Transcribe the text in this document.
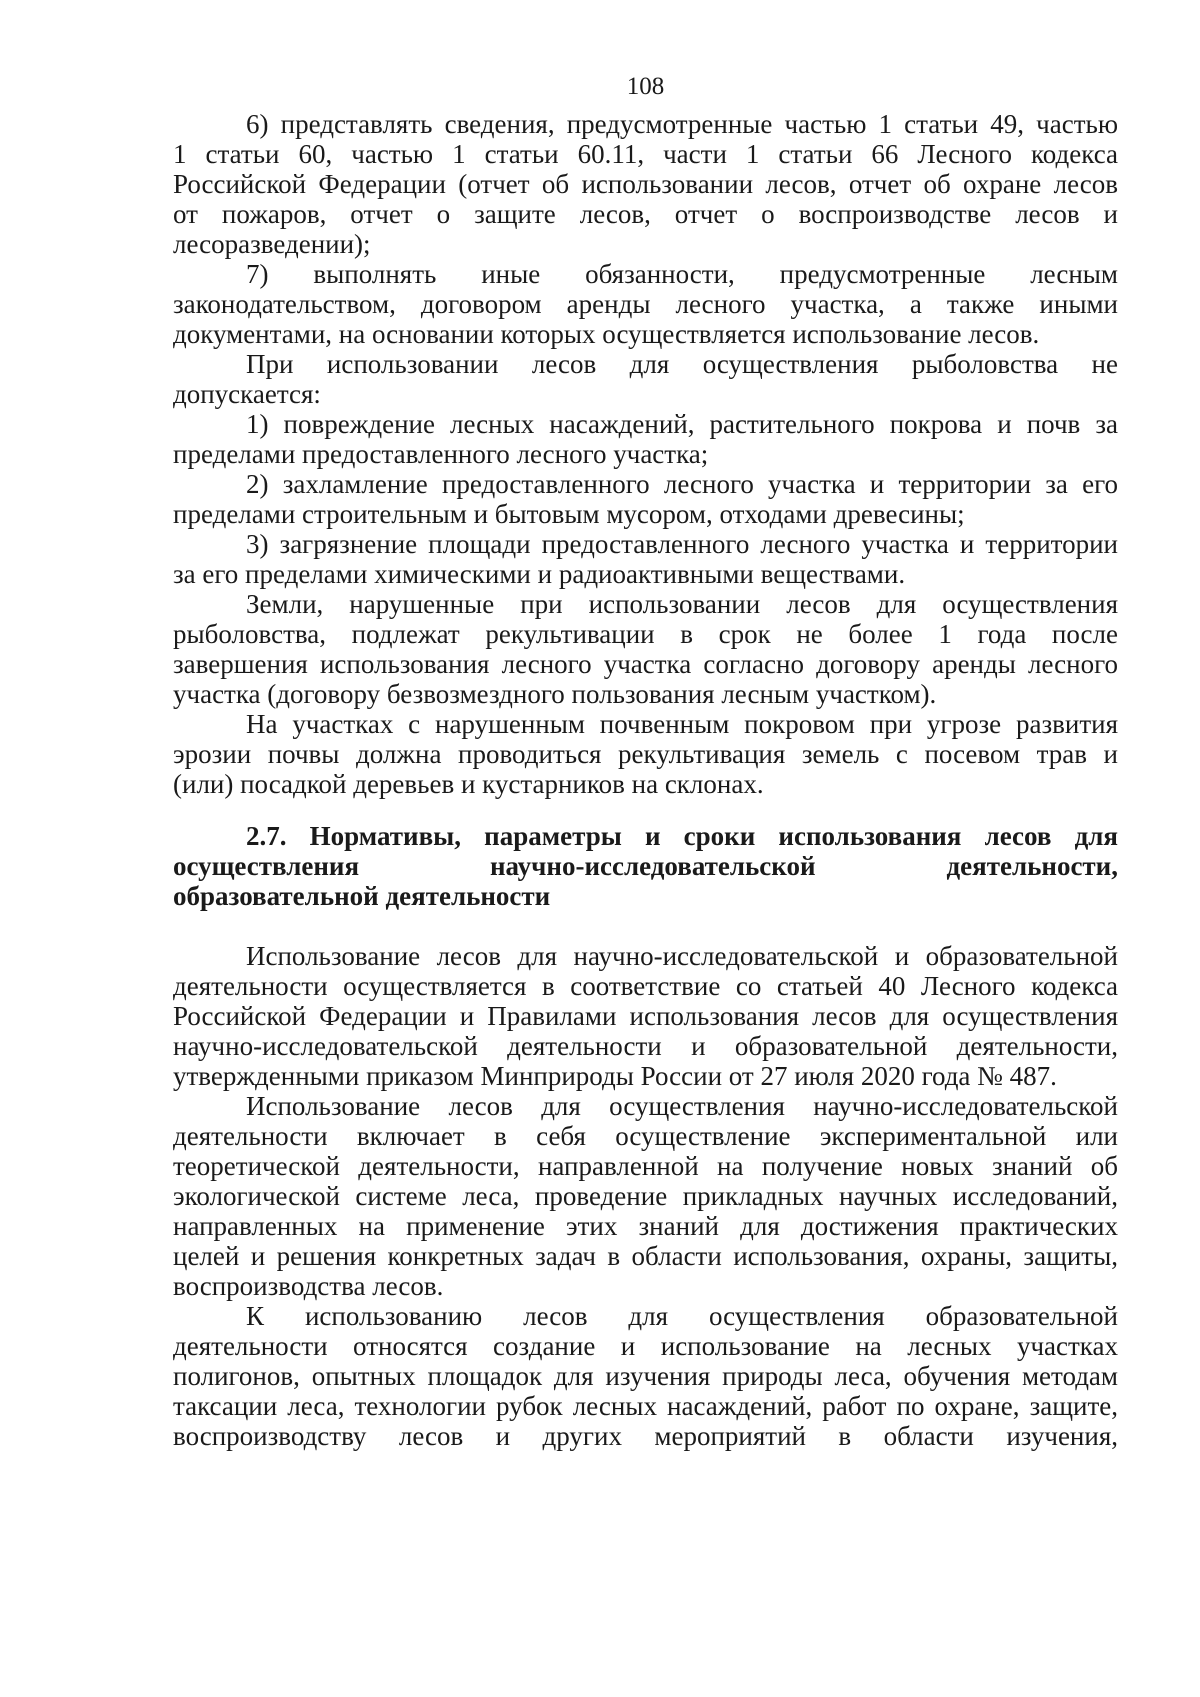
108
6) представлять сведения, предусмотренные частью 1 статьи 49, частью
1 статьи 60, частью 1 статьи 60.11, части 1 статьи 66 Лесного кодекса
Российской Федерации (отчет об использовании лесов, отчет об охране лесов
от пожаров, отчет о защите лесов, отчет о воспроизводстве лесов и
лесоразведении);
7) выполнять иные обязанности, предусмотренные лесным
законодательством, договором аренды лесного участка, а также иными
документами, на основании которых осуществляется использование лесов.
При использовании лесов для осуществления рыболовства не
допускается:
1) повреждение лесных насаждений, растительного покрова и почв за
пределами предоставленного лесного участка;
2) захламление предоставленного лесного участка и территории за его
пределами строительным и бытовым мусором, отходами древесины;
3) загрязнение площади предоставленного лесного участка и территории
за его пределами химическими и радиоактивными веществами.
Земли, нарушенные при использовании лесов для осуществления
рыболовства, подлежат рекультивации в срок не более 1 года после
завершения использования лесного участка согласно договору аренды лесного
участка (договору безвозмездного пользования лесным участком).
На участках с нарушенным почвенным покровом при угрозе развития
эрозии почвы должна проводиться рекультивация земель с посевом трав и
(или) посадкой деревьев и кустарников на склонах.
2.7. Нормативы, параметры и сроки использования лесов для
осуществления научно-исследовательской деятельности,
образовательной деятельности
Использование лесов для научно-исследовательской и образовательной
деятельности осуществляется в соответствие со статьей 40 Лесного кодекса
Российской Федерации и Правилами использования лесов для осуществления
научно-исследовательской деятельности и образовательной деятельности,
утвержденными приказом Минприроды России от 27 июля 2020 года № 487.
Использование лесов для осуществления научно-исследовательской
деятельности включает в себя осуществление экспериментальной или
теоретической деятельности, направленной на получение новых знаний об
экологической системе леса, проведение прикладных научных исследований,
направленных на применение этих знаний для достижения практических
целей и решения конкретных задач в области использования, охраны, защиты,
воспроизводства лесов.
К использованию лесов для осуществления образовательной
деятельности относятся создание и использование на лесных участках
полигонов, опытных площадок для изучения природы леса, обучения методам
таксации леса, технологии рубок лесных насаждений, работ по охране, защите,
воспроизводству лесов и других мероприятий в области изучения,
